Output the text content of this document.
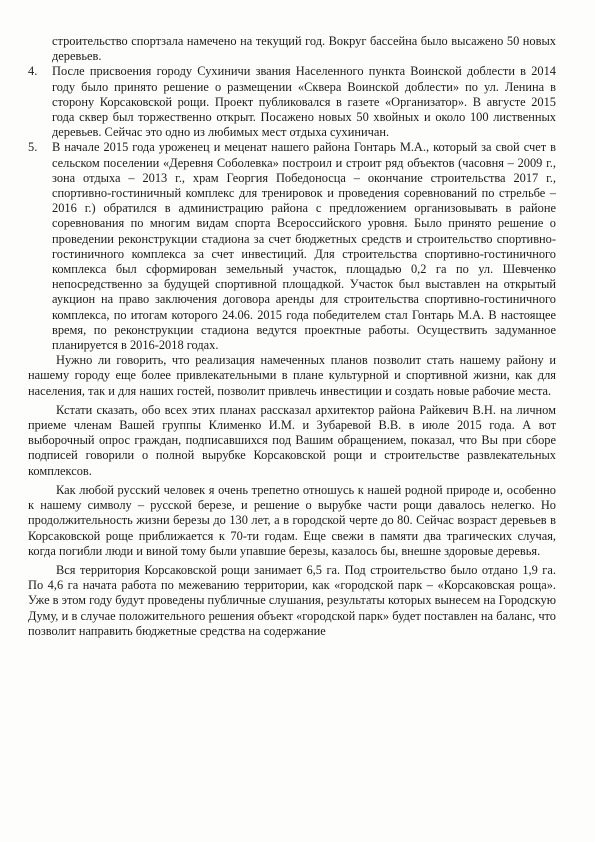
строительство спортзала намечено на текущий год. Вокруг бассейна было высажено 50 новых деревьев.

4. После присвоения городу Сухиничи звания Населенного пункта Воинской доблести в 2014 году было принято решение о размещении «Сквера Воинской доблести» по ул. Ленина в сторону Корсаковской рощи. Проект публиковался в газете «Организатор». В августе 2015 года сквер был торжественно открыт. Посажено новых 50 хвойных и около 100 лиственных деревьев. Сейчас это одно из любимых мест отдыха сухиничан.

5. В начале 2015 года уроженец и меценат нашего района Гонтарь М.А., который за свой счет в сельском поселении «Деревня Соболевка» построил и строит ряд объектов (часовня – 2009 г., зона отдыха – 2013 г., храм Георгия Победоносца – окончание строительства 2017 г., спортивно-гостиничный комплекс для тренировок и проведения соревнований по стрельбе – 2016 г.) обратился в администрацию района с предложением организовывать в районе соревнования по многим видам спорта Всероссийского уровня. Было принято решение о проведении реконструкции стадиона за счет бюджетных средств и строительство спортивно-гостиничного комплекса за счет инвестиций. Для строительства спортивно-гостиничного комплекса был сформирован земельный участок, площадью 0,2 га по ул. Шевченко непосредственно за будущей спортивной площадкой. Участок был выставлен на открытый аукцион на право заключения договора аренды для строительства спортивно-гостиничного комплекса, по итогам которого 24.06. 2015 года победителем стал Гонтарь М.А. В настоящее время, по реконструкции стадиона ведутся проектные работы. Осуществить задуманное планируется в 2016-2018 годах.

Нужно ли говорить, что реализация намеченных планов позволит стать нашему району и нашему городу еще более привлекательными в плане культурной и спортивной жизни, как для населения, так и для наших гостей, позволит привлечь инвестиции и создать новые рабочие места.

Кстати сказать, обо всех этих планах рассказал архитектор района Райкевич В.Н. на личном приеме членам Вашей группы Клименко И.М. и Зубаревой В.В. в июле 2015 года. А вот выборочный опрос граждан, подписавшихся под Вашим обращением, показал, что Вы при сборе подписей говорили о полной вырубке Корсаковской рощи и строительстве развлекательных комплексов.

Как любой русский человек я очень трепетно отношусь к нашей родной природе и, особенно к нашему символу – русской березе, и решение о вырубке части рощи давалось нелегко. Но продолжительность жизни березы до 130 лет, а в городской черте до 80. Сейчас возраст деревьев в Корсаковской роще приближается к 70-ти годам. Еще свежи в памяти два трагических случая, когда погибли люди и виной тому были упавшие березы, казалось бы, внешне здоровые деревья.

Вся территория Корсаковской рощи занимает 6,5 га. Под строительство было отдано 1,9 га. По 4,6 га начата работа по межеванию территории, как «городской парк – «Корсаковская роща». Уже в этом году будут проведены публичные слушания, результаты которых вынесем на Городскую Думу, и в случае положительного решения объект «городской парк» будет поставлен на баланс, что позволит направить бюджетные средства на содержание
